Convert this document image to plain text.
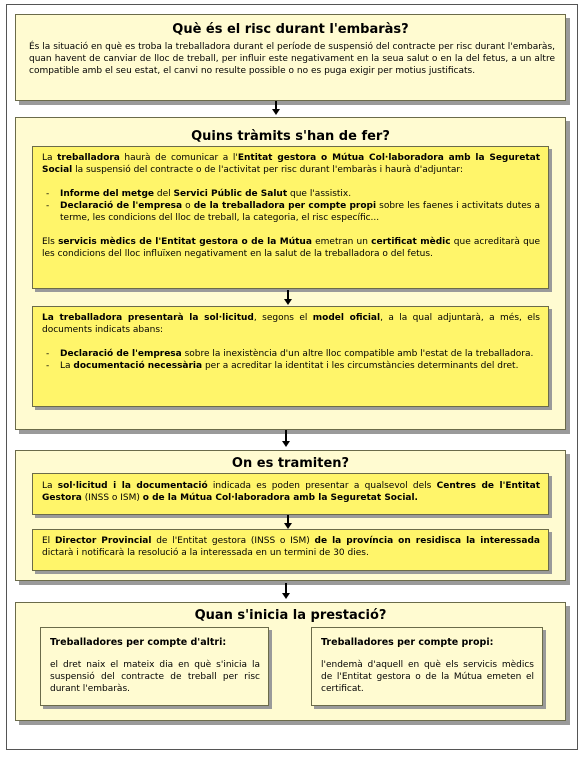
Què és el risc durant l'embaràs?
És la situació en què es troba la treballadora durant el període de suspensió del contracte per risc durant l'embaràs, quan havent de canviar de lloc de treball, per influir este negativament en la seua salut o en la del fetus, a un altre compatible amb el seu estat, el canvi no resulte possible o no es puga exigir per motius justificats.
Quins tràmits s'han de fer?
La treballadora haurà de comunicar a l'Entitat gestora o Mútua Col·laboradora amb la Seguretat Social la suspensió del contracte o de l'activitat per risc durant l'embaràs i haurà d'adjuntar:
- Informe del metge del Servici Públic de Salut que l'assistix.
- Declaració de l'empresa o de la treballadora per compte propi sobre les faenes i activitats dutes a terme, les condicions del lloc de treball, la categoria, el risc específic...
Els servicis mèdics de l'Entitat gestora o de la Mútua emetran un certificat mèdic que acreditarà que les condicions del lloc influïxen negativament en la salut de la treballadora o del fetus.
La treballadora presentarà la sol·licitud, segons el model oficial, a la qual adjuntarà, a més, els documents indicats abans:
- Declaració de l'empresa sobre la inexistència d'un altre lloc compatible amb l'estat de la treballadora.
- La documentació necessària per a acreditar la identitat i les circumstàncies determinants del dret.
On es tramiten?
La sol·licitud i la documentació indicada es poden presentar a qualsevol dels Centres de l'Entitat Gestora (INSS o ISM) o de la Mútua Col·laboradora amb la Seguretat Social.
El Director Provincial de l'Entitat gestora (INSS o ISM) de la província on residisca la interessada dictarà i notificarà la resolució a la interessada en un termini de 30 dies.
Quan s'inicia la prestació?
Treballadores per compte d'altri:
el dret naix el mateix dia en què s'inicia la suspensió del contracte de treball per risc durant l'embaràs.
Treballadores per compte propi:
l'endemà d'aquell en què els servicis mèdics de l'Entitat gestora o de la Mútua emeten el certificat.
